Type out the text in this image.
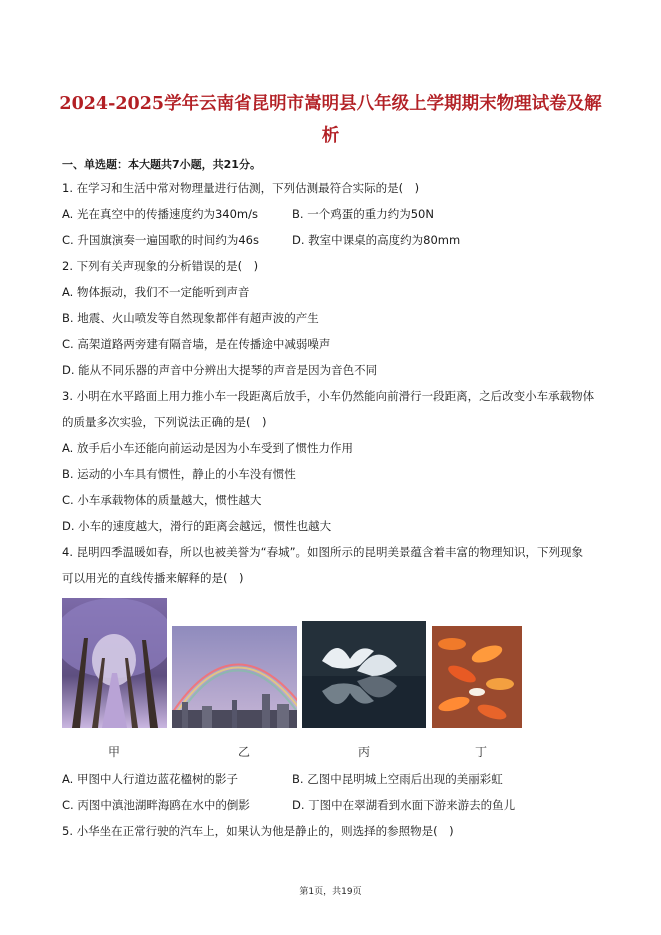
2024-2025学年云南省昆明市嵩明县八年级上学期期末物理试卷及解
析
一、单选题：本大题共7小题，共21分。
1. 在学习和生活中常对物理量进行估测，下列估测最符合实际的是(　)
A. 光在真空中的传播速度约为340m/s	B. 一个鸡蛋的重力约为50N
C. 升国旗演奏一遍国歌的时间约为46s	D. 教室中课桌的高度约为80mm
2. 下列有关声现象的分析错误的是(　)
A. 物体振动，我们不一定能听到声音
B. 地震、火山喷发等自然现象都伴有超声波的产生
C. 高架道路两旁建有隔音墙，是在传播途中减弱噪声
D. 能从不同乐器的声音中分辨出大提琴的声音是因为音色不同
3. 小明在水平路面上用力推小车一段距离后放手，小车仍然能向前滑行一段距离，之后改变小车承载物体
的质量多次实验，下列说法正确的是(　)
A. 放手后小车还能向前运动是因为小车受到了惯性力作用
B. 运动的小车具有惯性，静止的小车没有惯性
C. 小车承载物体的质量越大，惯性越大
D. 小车的速度越大，滑行的距离会越远，惯性也越大
4. 昆明四季温暖如春，所以也被美誉为“春城”。如图所示的昆明美景蕴含着丰富的物理知识，下列现象
可以用光的直线传播来解释的是(　)
甲	乙	丙	丁
A. 甲图中人行道边蓝花楹树的影子	B. 乙图中昆明城上空雨后出现的美丽彩虹
C. 丙图中滇池湖畔海鸥在水中的倒影	D. 丁图中在翠湖看到水面下游来游去的鱼儿
5. 小华坐在正常行驶的汽车上，如果认为他是静止的，则选择的参照物是(　)
第1页，共19页
